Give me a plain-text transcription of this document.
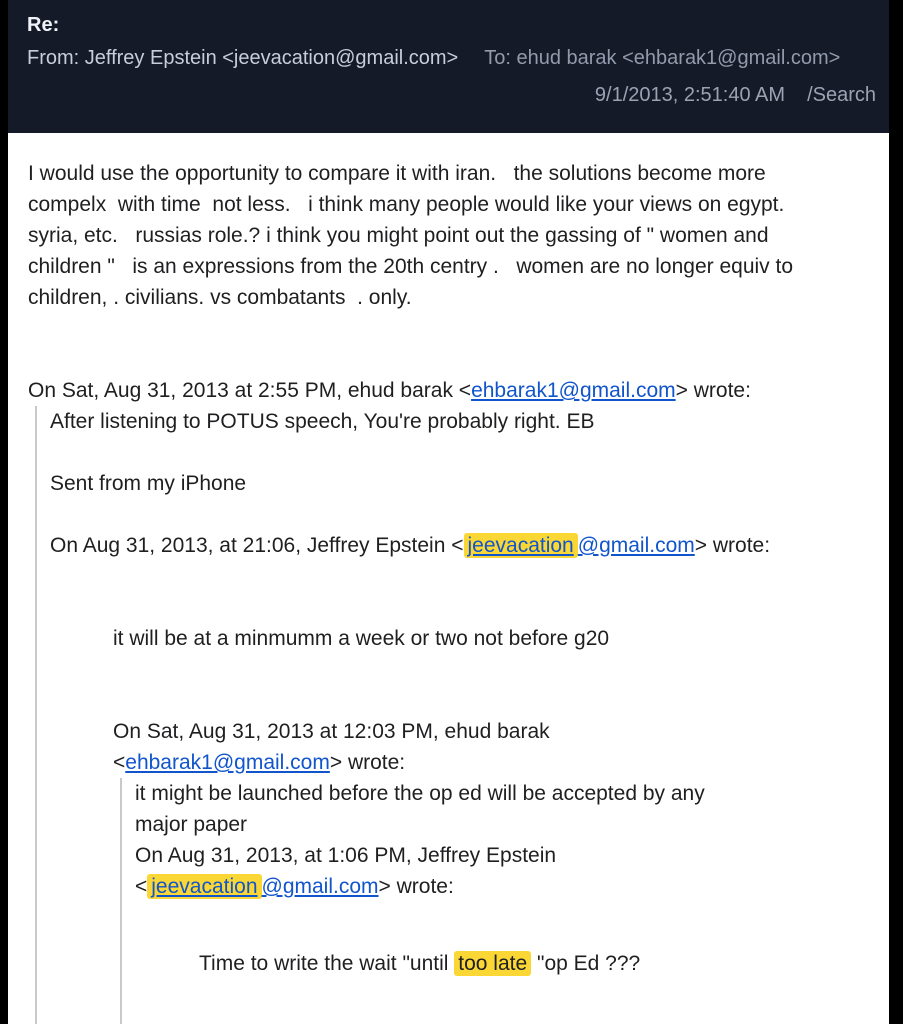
Re:
From: Jeffrey Epstein <jeevacation@gmail.com> To: ehud barak <ehbarak1@gmail.com>
9/1/2013, 2:51:40 AM /Search

I would use the opportunity to compare it with iran.   the solutions become more
compelx  with time  not less.   i think many people would like your views on egypt.
syria, etc.   russias role.? i think you might point out the gassing of " women and
children "   is an expressions from the 20th centry .   women are no longer equiv to
children, . civilians. vs combatants  . only.

On Sat, Aug 31, 2013 at 2:55 PM, ehud barak <ehbarak1@gmail.com> wrote:
After listening to POTUS speech, You're probably right. EB
Sent from my iPhone
On Aug 31, 2013, at 21:06, Jeffrey Epstein < jeevacation @gmail.com> wrote:
it will be at a minmumm a week or two not before g20
On Sat, Aug 31, 2013 at 12:03 PM, ehud barak
<ehbarak1@gmail.com> wrote:
it might be launched before the op ed will be accepted by any
major paper
On Aug 31, 2013, at 1:06 PM, Jeffrey Epstein
< jeevacation @gmail.com> wrote:
Time to write the wait "until too late "op Ed ???
